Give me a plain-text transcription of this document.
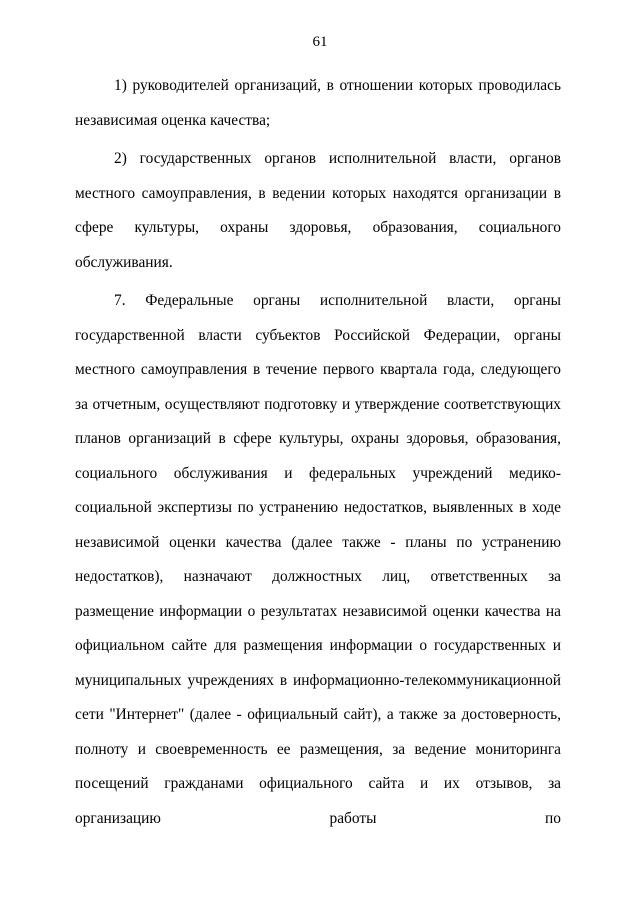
61

1) руководителей организаций, в отношении которых проводилась независимая оценка качества;

2) государственных органов исполнительной власти, органов местного самоуправления, в ведении которых находятся организации в сфере культуры, охраны здоровья, образования, социального обслуживания.

7. Федеральные органы исполнительной власти, органы государственной власти субъектов Российской Федерации, органы местного самоуправления в течение первого квартала года, следующего за отчетным, осуществляют подготовку и утверждение соответствующих планов организаций в сфере культуры, охраны здоровья, образования, социального обслуживания и федеральных учреждений медико-социальной экспертизы по устранению недостатков, выявленных в ходе независимой оценки качества (далее также - планы по устранению недостатков), назначают должностных лиц, ответственных за размещение информации о результатах независимой оценки качества на официальном сайте для размещения информации о государственных и муниципальных учреждениях в информационно-телекоммуникационной сети "Интернет" (далее - официальный сайт), а также за достоверность, полноту и своевременность ее размещения, за ведение мониторинга посещений гражданами официального сайта и их отзывов, за организацию работы по
